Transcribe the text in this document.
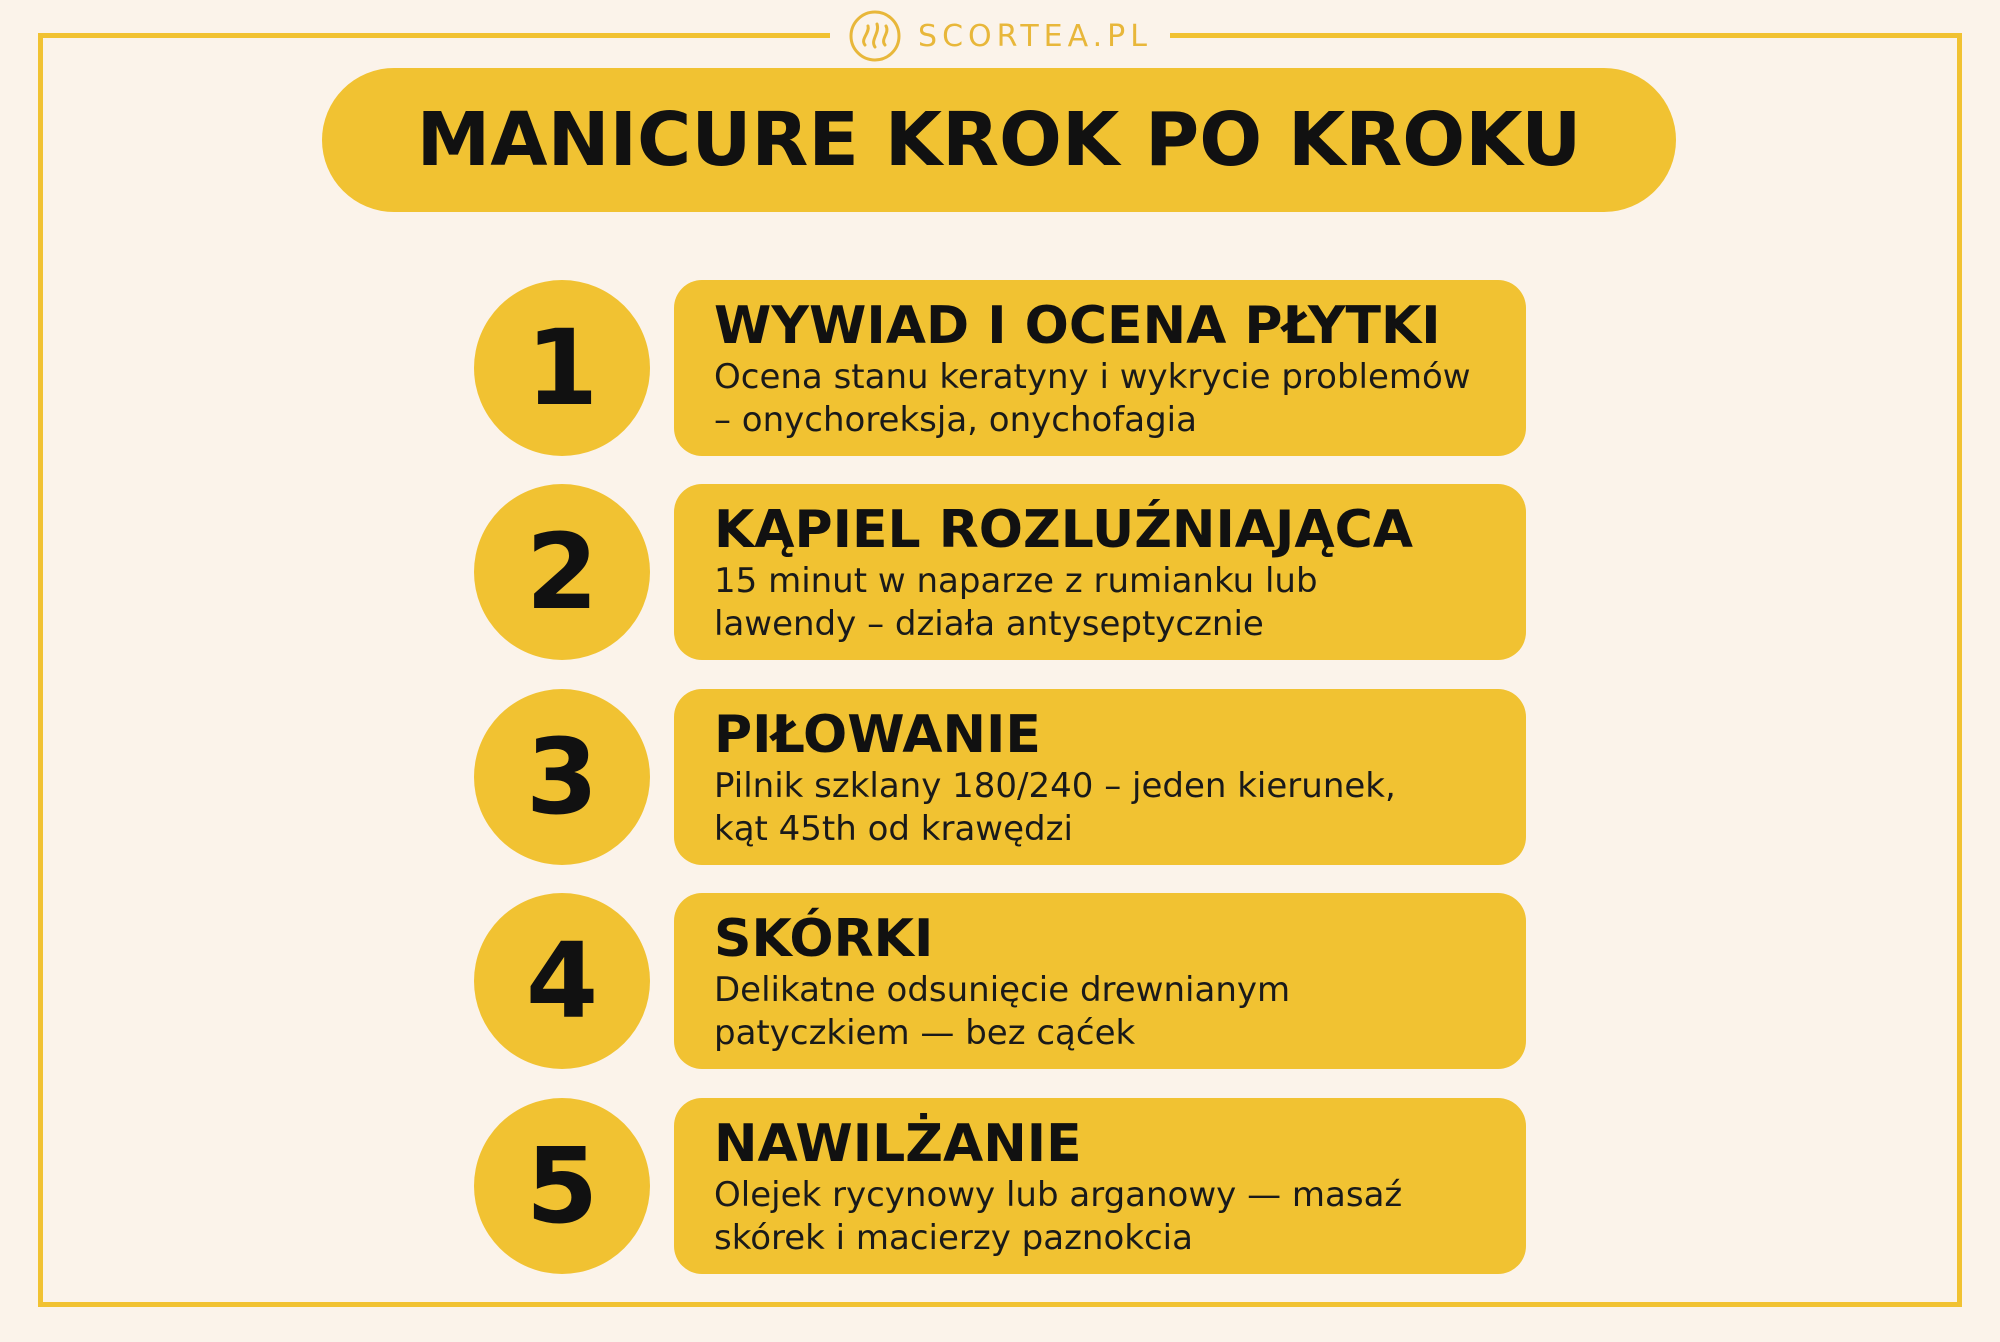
SCORTEA.PL
MANICURE KROK PO KROKU
1 WYWIAD I OCENA PŁYTKI
Ocena stanu keratyny i wykrycie problemów
– onychoreksja, onychofagia
2 KĄPIEL ROZLUŹNIAJĄCA
15 minut w naparze z rumianku lub
lawendy – działa antyseptycznie
3 PIŁOWANIE
Pilnik szklany 180/240 – jeden kierunek,
kąt 45th od krawędzi
4 SKÓRKI
Delikatne odsunięcie drewnianym
patyczkiem — bez cąćek
5 NAWILŻANIE
Olejek rycynowy lub arganowy — masaź
skórek i macierzy paznokcia
